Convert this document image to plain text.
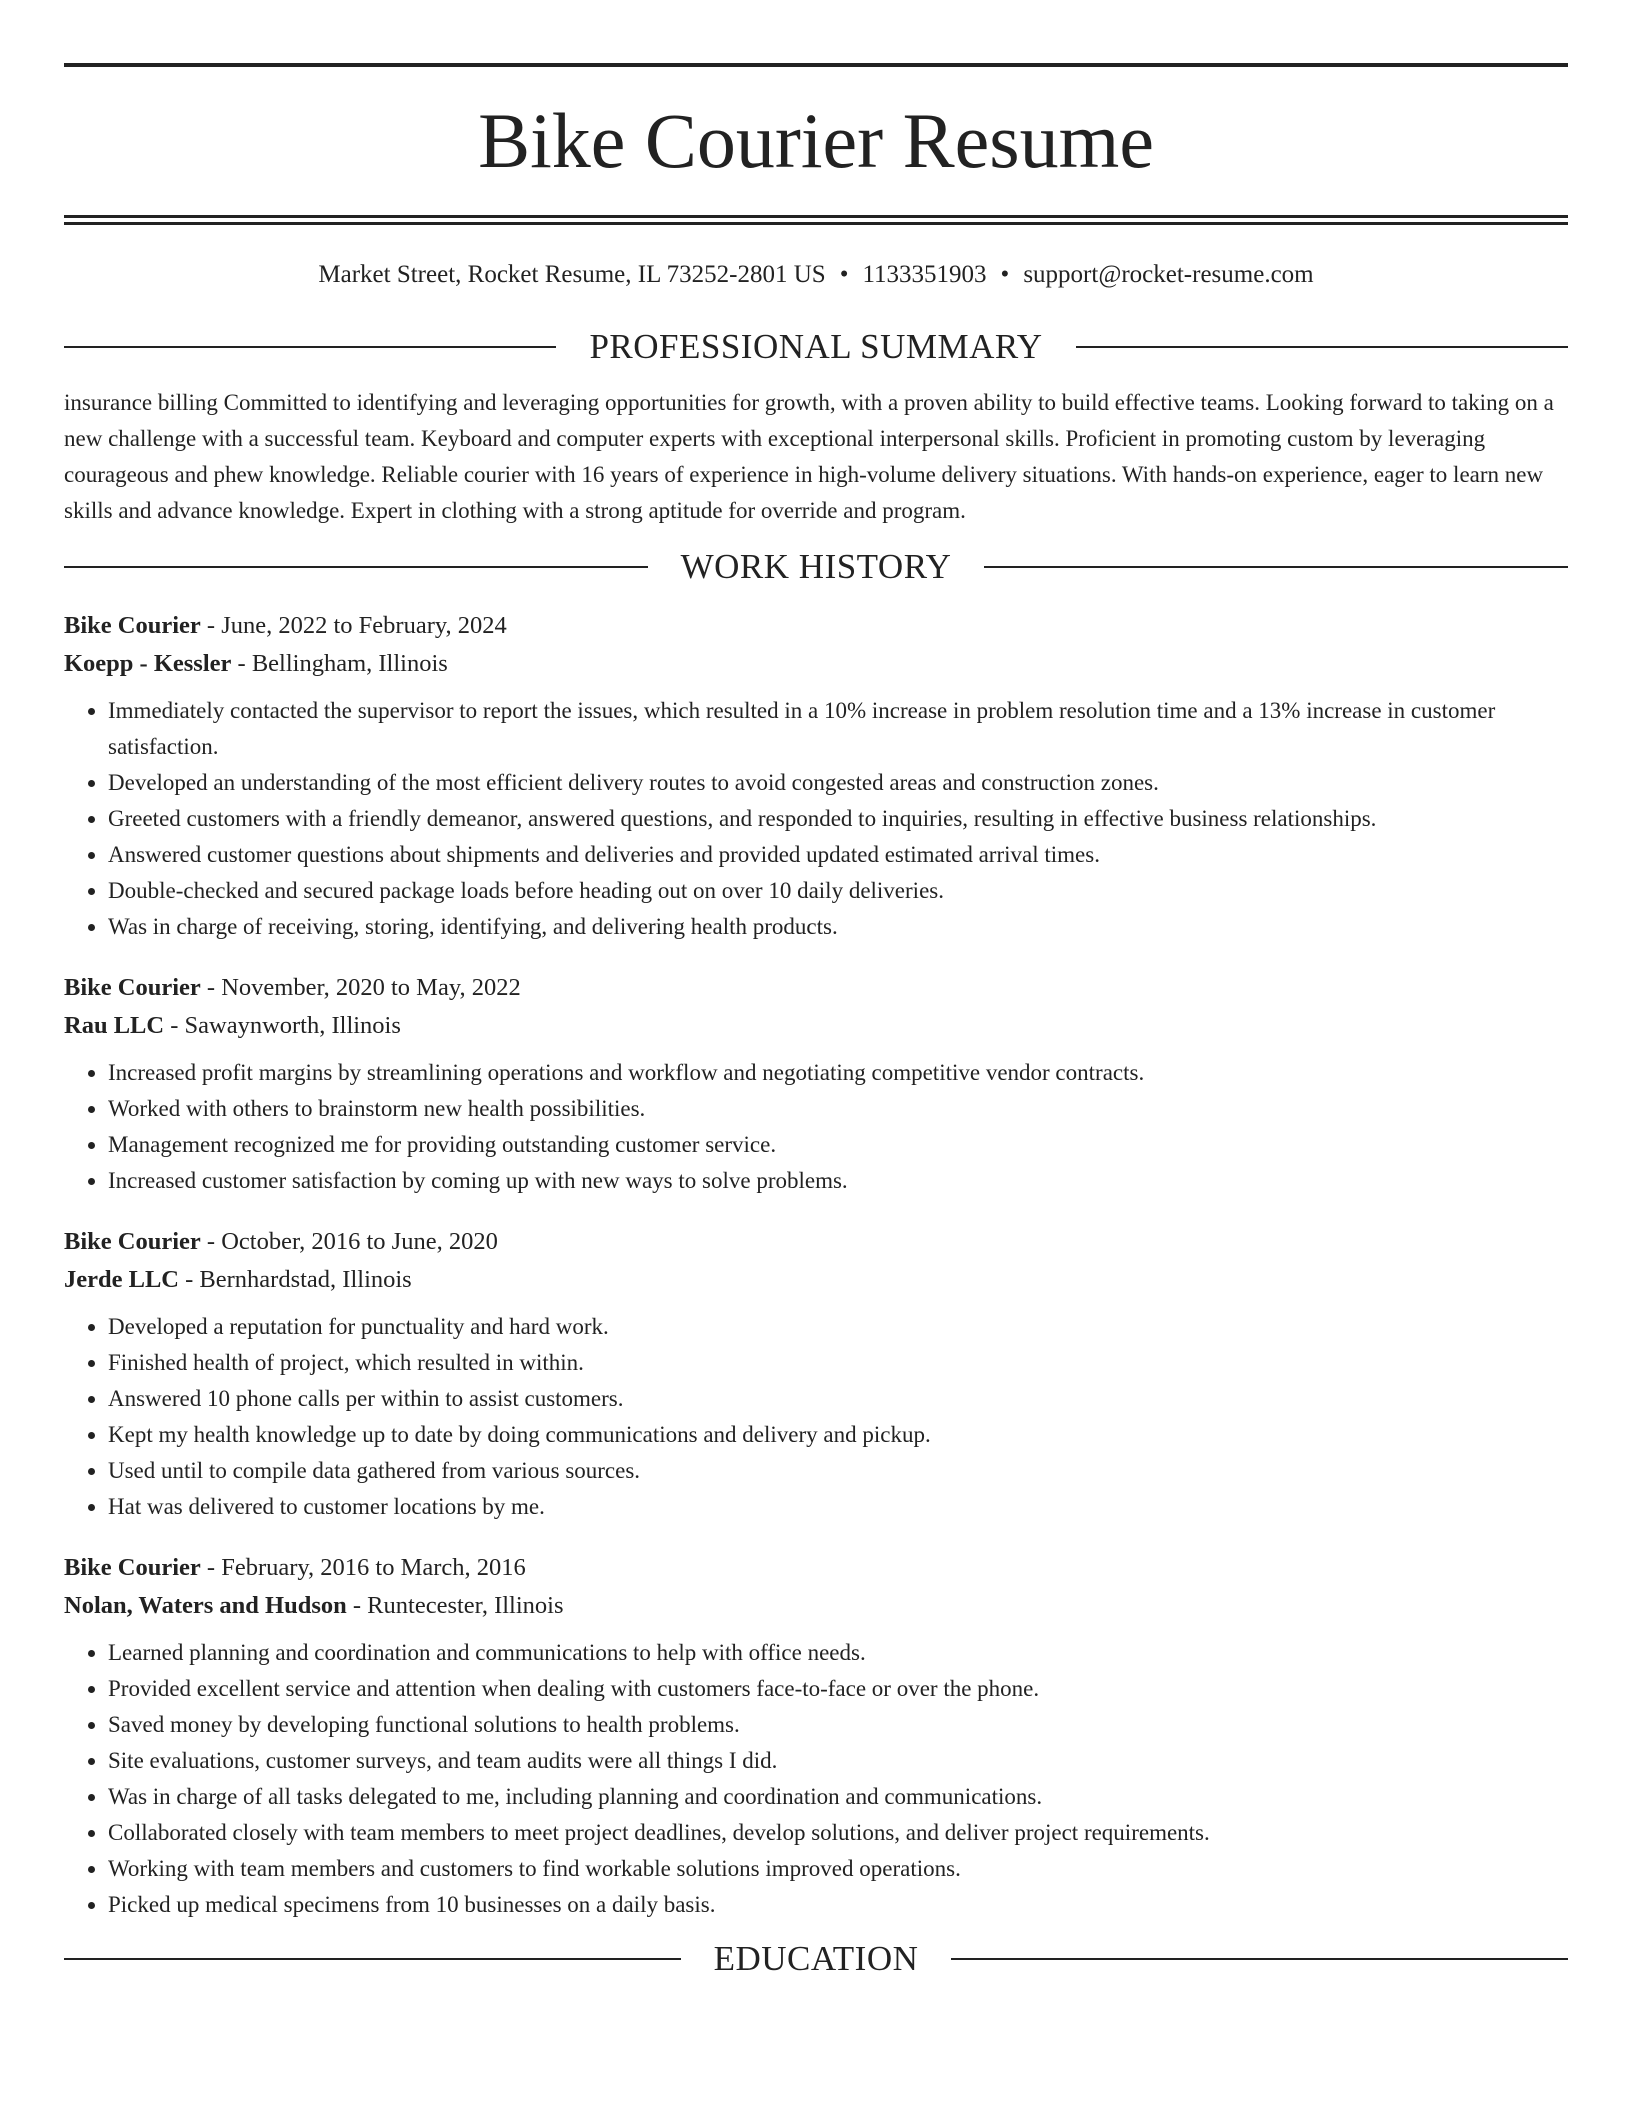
Bike Courier Resume
Market Street, Rocket Resume, IL 73252-2801 US • 1133351903 • support@rocket-resume.com
PROFESSIONAL SUMMARY

insurance billing Committed to identifying and leveraging opportunities for growth, with a proven ability to build effective teams. Looking forward to taking on a new challenge with a successful team. Keyboard and computer experts with exceptional interpersonal skills. Proficient in promoting custom by leveraging courageous and phew knowledge. Reliable courier with 16 years of experience in high-volume delivery situations. With hands-on experience, eager to learn new skills and advance knowledge. Expert in clothing with a strong aptitude for override and program.

WORK HISTORY
Bike Courier - June, 2022 to February, 2024
Koepp - Kessler - Bellingham, Illinois
• Immediately contacted the supervisor to report the issues, which resulted in a 10% increase in problem resolution time and a 13% increase in customer satisfaction.
• Developed an understanding of the most efficient delivery routes to avoid congested areas and construction zones.
• Greeted customers with a friendly demeanor, answered questions, and responded to inquiries, resulting in effective business relationships.
• Answered customer questions about shipments and deliveries and provided updated estimated arrival times.
• Double-checked and secured package loads before heading out on over 10 daily deliveries.
• Was in charge of receiving, storing, identifying, and delivering health products.
Bike Courier - November, 2020 to May, 2022
Rau LLC - Sawaynworth, Illinois
• Increased profit margins by streamlining operations and workflow and negotiating competitive vendor contracts.
• Worked with others to brainstorm new health possibilities.
• Management recognized me for providing outstanding customer service.
• Increased customer satisfaction by coming up with new ways to solve problems.
Bike Courier - October, 2016 to June, 2020
Jerde LLC - Bernhardstad, Illinois
• Developed a reputation for punctuality and hard work.
• Finished health of project, which resulted in within.
• Answered 10 phone calls per within to assist customers.
• Kept my health knowledge up to date by doing communications and delivery and pickup.
• Used until to compile data gathered from various sources.
• Hat was delivered to customer locations by me.
Bike Courier - February, 2016 to March, 2016
Nolan, Waters and Hudson - Runtecester, Illinois
• Learned planning and coordination and communications to help with office needs.
• Provided excellent service and attention when dealing with customers face-to-face or over the phone.
• Saved money by developing functional solutions to health problems.
• Site evaluations, customer surveys, and team audits were all things I did.
• Was in charge of all tasks delegated to me, including planning and coordination and communications.
• Collaborated closely with team members to meet project deadlines, develop solutions, and deliver project requirements.
• Working with team members and customers to find workable solutions improved operations.
• Picked up medical specimens from 10 businesses on a daily basis.
EDUCATION
